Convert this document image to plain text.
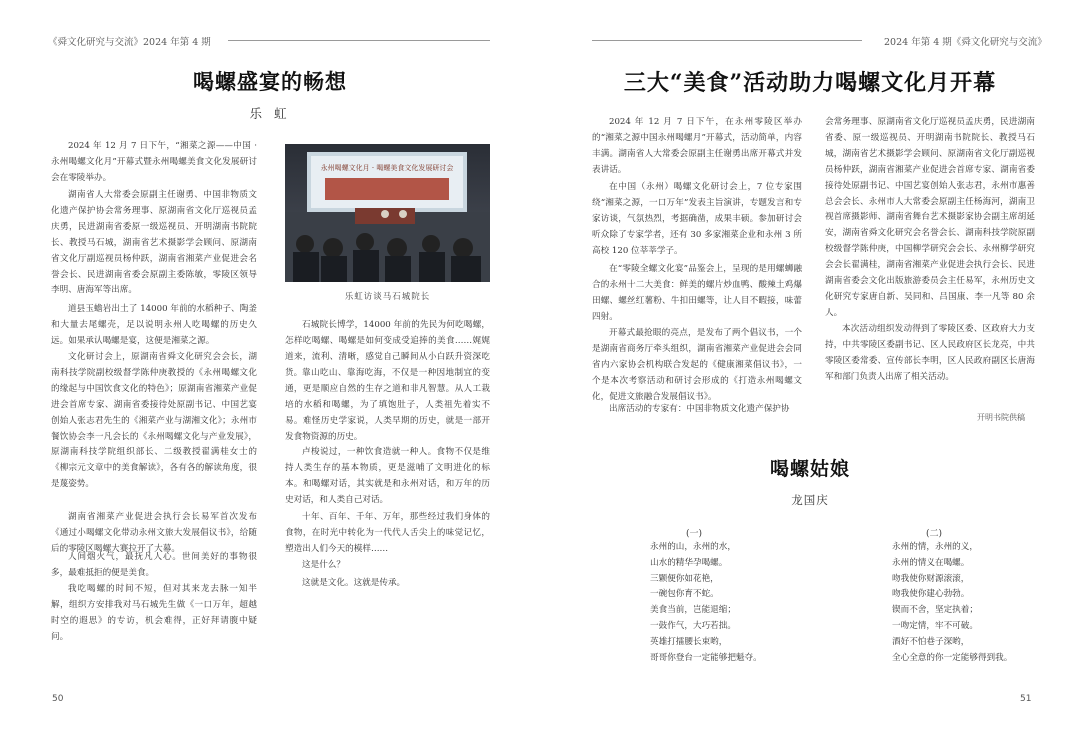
《舜文化研究与交流》2024 年第 4 期
喝螺盛宴的畅想
乐 虹

2024 年 12 月 7 日下午，“湘菜之源——中国 · 永州喝螺文化月”开幕式暨永州喝螺美食文化发展研讨会在零陵举办。

湖南省人大常委会原副主任谢勇、中国非物质文化遗产保护协会常务理事、原湖南省文化厅巡视员孟庆勇，民进湖南省委原一级巡视员、开明湖南书院院长、教授马石城，湖南省艺术摄影学会顾问、原湖南省文化厅副巡视员杨仲跃，湖南省湘菜产业促进会名誉会长、民进湖南省委会原副主委陈敏，零陵区领导李明、唐海军等出席。

道县玉蟾岩出土了 14000 年前的水稻种子、陶釜和大量去尾螺壳，足以说明永州人吃喝螺的历史久远。如果承认喝螺是宴，这便是湘菜之源。

文化研讨会上，原湖南省舜文化研究会会长，湖南科技学院副校级督学陈仲庚教授的《永州喝螺文化的缘起与中国饮食文化的特色》；原湖南省湘菜产业促进会首席专家、湖南省委接待处原副书记、中国艺宴创始人张志君先生的《湘菜产业与湖湘文化》；永州市餐饮协会李一凡会长的《永州喝螺文化与产业发展》，原湖南科技学院组织部长、二级教授翟满桂女士的《柳宗元文章中的美食解读》，各有各的解读角度，很是蔑姿势。

湖南省湘菜产业促进会执行会长易军首次发布《通过小喝螺文化带动永州文旅大发展倡议书》，给随后的零陵区喝螺大赛拉开了大幕。

人间烟火气，最抚凡人心。世间美好的事物很多，最难抵拒的便是美食。

我吃喝螺的时间不短，但对其来龙去脉一知半解，组织方安排我对马石城先生做《一口万年，超越时空的遐思》的专访，机会难得，正好拜请腹中疑问。

永州喝螺文化月 · 喝螺美食文化发展研讨会
乐虹访谈马石城院长

石城院长博学，14000 年前的先民为何吃喝螺，怎样吃喝螺、喝螺是如何变成受追捧的美食……娓娓道来，流利、清晰，感觉自己瞬间从小白跃升资深吃货。 靠山吃山、靠海吃海，不仅是一种因地制宜的变通，更是顺应自然的生存之道和非凡智慧。从人工栽培的水稻和喝螺，为了填饱肚子，人类祖先着实不易。难怪历史学家说，人类早期的历史，就是一部开发食物资源的历史。

卢梭说过，一种饮食造就一种人。食物不仅是维持人类生存的基本物质，更是滋哺了文明进化的标本。和喝螺对话，其实就是和永州对话，和万年的历史对话，和人类自己对话。

十年、百年、千年、万年，那些经过我们身体的食物，在时光中转化为一代代人舌尖上的味觉记忆，塑造出人们今天的模样……

这是什么？

这就是文化。这就是传承。

50
2024 年第 4 期《舜文化研究与交流》
三大“美食”活动助力喝螺文化月开幕

2024 年 12 月 7 日下午，在永州零陵区举办的“湘菜之源中国永州喝螺月”开幕式，活动简单，内容丰满。湖南省人大常委会原副主任谢勇出席开幕式并发表讲话。

在中国（永州）喝螺文化研讨会上，7 位专家围绕“湘菜之源，一口万年”发表主旨演讲，专题发言和专家访谈，气氛热烈，考据确凿，成果丰硕。参加研讨会听众除了专家学者，还有 30 多家湘菜企业和永州 3 所高校 120 位莘莘学子。

在“零陵全螺文化宴”品鉴会上，呈现的是用螺蛳融合的永州十二大美食：鲜美的螺片炒血鸭、酸辣土鸡爆田螺、螺丝红薯粉、牛扣田螺等，让人目不暇接，味蕾四射。

开幕式最抢眼的亮点，是发布了两个倡议书，一个是湖南省商务厅牵头组织，湖南省湘菜产业促进会会同省内六家协会机构联合发起的《健康湘菜倡议书》，一个是本次考察活动和研讨会形成的《打造永州喝螺文化，促进文旅融合发展倡议书》。

出席活动的专家有：中国非物质文化遗产保护协

会常务理事、原湖南省文化厅巡视员孟庆勇，民进湖南省委、原一级巡视员、开明湖南书院院长、教授马石城，湖南省艺术摄影学会顾问、原湖南省文化厅副巡视员杨仲跃，湖南省湘菜产业促进会首席专家、湖南省委接待处原副书记、中国艺宴创始人张志君，永州市惠善总会会长、永州市人大常委会原副主任杨海河，湖南卫视首席摄影师、湖南省舞台艺术摄影家协会副主席胡延安，湖南省舜文化研究会名誉会长、湖南科技学院原副校级督学陈仲庚，中国柳学研究会会长、永州柳学研究会会长翟满桂，湖南省湘菜产业促进会执行会长、民进湖南省委会文化出版旅游委员会主任易军，永州历史文化研究专家唐自新、吴同和、吕国康、李一凡等 80 余人。

本次活动组织发动得到了零陵区委、区政府大力支持，中共零陵区委副书记、区人民政府区长龙亮，中共零陵区委常委、宣传部长李明，区人民政府副区长唐海军和部门负责人出席了相关活动。

开明书院供稿
喝螺姑娘
龙国庆
(一)	(二)
永州的山，永州的水，
山水的精华孕喝螺。
三颗便你如花艳，
一碗包你育不蛇。
美食当前，岂能退缩；
一鼓作气，大巧若拙。
英雄打擂腰长束哟，
哥哥你登台一定能够把魁夺。
永州的情，永州的义，
永州的情义在喝螺。
吻我使你财源滚滚，
吻我使你建心勃勃。
锲而不舍，坚定执着；
一吻定情，牢不可破。
酒好不怕巷子深哟，
全心全意的你一定能够得到我。
51
